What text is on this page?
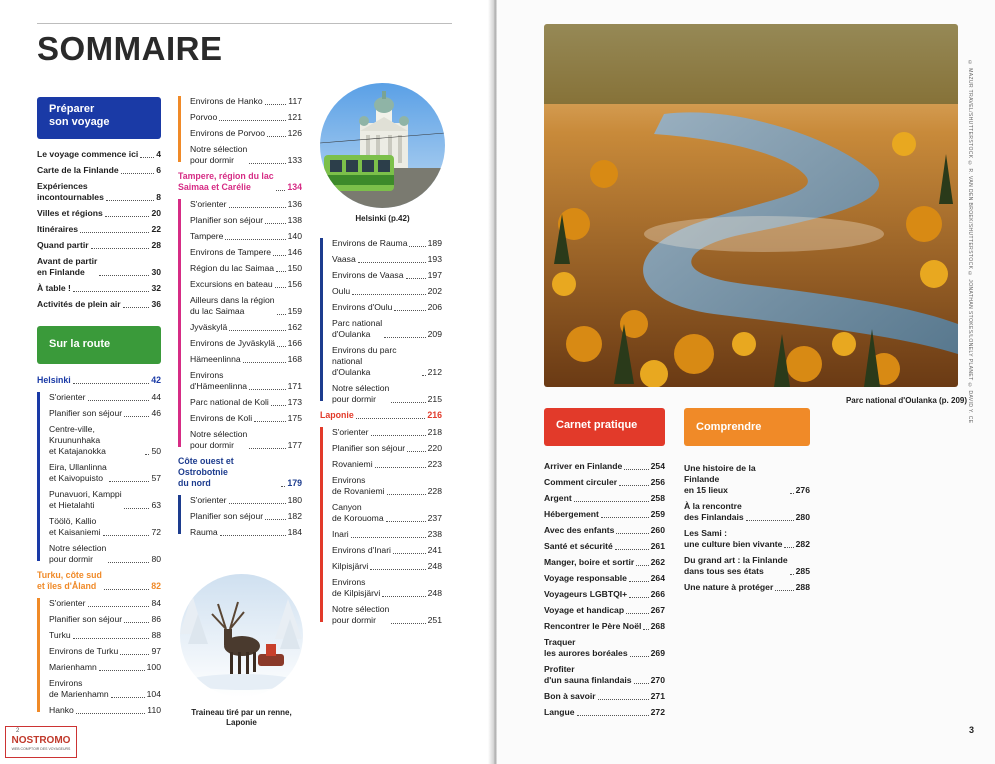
SOMMAIRE
Préparer
son voyage
Le voyage commence ici 4
Carte de la Finlande	6
Expériences
incontournables	8
Villes et régions	20
Itinéraires	22
Quand partir	28
Avant de partir
en Finlande	30
À table !	32
Activités de plein air	36
Sur la route
Helsinki	42
S'orienter	44
Planifier son séjour	46
Centre-ville, Kruununhaka
et Katajanokka	50
Eira, Ullanlinna
et Kaivopuisto	57
Punavuori, Kamppi
et Hietalahti	63
Töölö, Kallio
et Kaisaniemi	72
Notre sélection
pour dormir	80
Turku, côte sud
et îles d'Åland	82
S'orienter	84
Planifier son séjour	86
Turku	88
Environs de Turku	97
Marienhamn	100
Environs
de Marienhamn	104
Hanko	110
Environs de Hanko	117
Porvoo	121
Environs de Porvoo	126
Notre sélection
pour dormir	133
Tampere, région du lac
Saimaa et Carélie	134
S'orienter	136
Planifier son séjour	138
Tampere	140
Environs de Tampere 146
Région du lac Saimaa 150
Excursions en bateau 156
Ailleurs dans la région
du lac Saimaa	159
Jyväskylä	162
Environs de Jyväskylä 166
Hämeenlinna	168
Environs
d'Hämeenlinna	171
Parc national de Koli 173
Environs de Koli	175
Notre sélection
pour dormir	177
Côte ouest et Ostrobotnie
du nord	179
S'orienter	180
Planifier son séjour	182
Rauma	184
Environs de Rauma 189
Vaasa	193
Environs de Vaasa	197
Oulu	202
Environs d'Oulu	206
Parc national
d'Oulanka	209
Environs du parc national
d'Oulanka	212
Notre sélection
pour dormir	215
Laponie	216
S'orienter	218
Planifier son séjour	220
Rovaniemi	223
Environs
de Rovaniemi	228
Canyon
de Korouoma	237
Inari	238
Environs d'Inari	241
Kilpisjärvi	248
Environs
de Kilpisjärvi	248
Notre sélection
pour dormir	251
Helsinki (p.42)
Traineau tiré par un renne,
Laponie
2
NOSTROMO
WEB COMPTOIR DES VOYAGEURS
Parc national d'Oulanka (p. 209) © MAZUR TRAVEL/SHUTTERSTOCK © R. VAN DEN BROEK/SHUTTERSTOCK © JONATHAN STOKES/LONELY PLANET © DAVID Y. CE
Carnet pratique	Comprendre
Arriver en Finlande	254
Comment circuler	256
Argent	258
Hébergement	259
Avec des enfants	260
Santé et sécurité	261
Manger, boire et sortir 262
Voyage responsable	264
Voyageurs LGBTQI+	266
Voyage et handicap	267
Rencontrer le Père Noël 268
Traquer
les aurores boréales	269
Profiter
d'un sauna finlandais 270
Bon à savoir	271
Langue	272
Une histoire de la Finlande
en 15 lieux	276
À la rencontre
des Finlandais	280
Les Sami :
une culture bien vivante 282
Du grand art : la Finlande
dans tous ses états	285
Une nature à protéger	288
3
